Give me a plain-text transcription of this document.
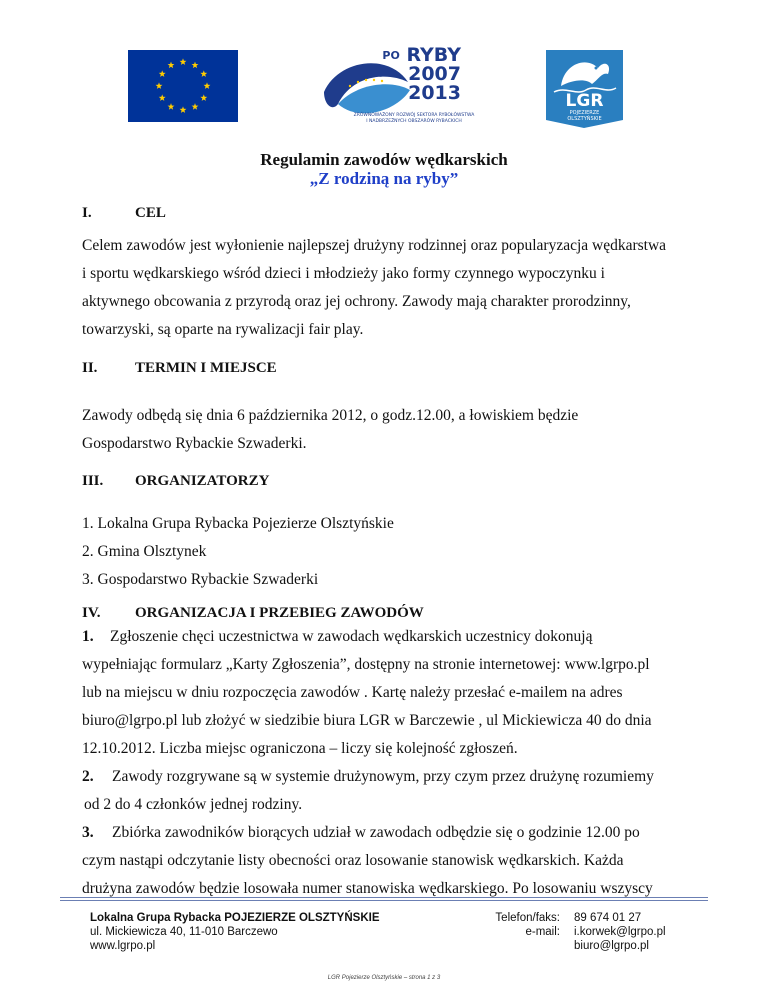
$^{PO}$ RYBY
2007
2013
ZRÓWNOWAŻONY ROZWÓJ SEKTORA RYBOŁÓWSTWA
I NADBRZEŻNYCH OBSZARÓW RYBACKICH
LGR
POJEZIERZE
OLSZTYŃSKIE
Regulamin zawodów wędkarskich
„Z rodziną na ryby”
I.	CEL
Celem zawodów jest wyłonienie najlepszej drużyny rodzinnej oraz popularyzacja wędkarstwa
i sportu wędkarskiego wśród dzieci i młodzieży jako formy czynnego wypoczynku i
aktywnego obcowania z przyrodą oraz jej ochrony. Zawody mają charakter prorodzinny,
towarzyski, są oparte na rywalizacji fair play.
II.	TERMIN I MIEJSCE
Zawody odbędą się dnia 6 października 2012, o godz.12.00, a łowiskiem będzie
Gospodarstwo Rybackie Szwaderki.
III. ORGANIZATORZY
1. Lokalna Grupa Rybacka Pojezierze Olsztyńskie
2. Gmina Olsztynek
3. Gospodarstwo Rybackie Szwaderki
IV. ORGANIZACJA I PRZEBIEG ZAWODÓW
1. Zgłoszenie chęci uczestnictwa w zawodach wędkarskich uczestnicy dokonują
wypełniając formularz „Karty Zgłoszenia”, dostępny na stronie internetowej: www.lgrpo.pl
lub na miejscu w dniu rozpoczęcia zawodów . Kartę należy przesłać e-mailem na adres
biuro@lgrpo.pl lub złożyć w siedzibie biura LGR w Barczewie , ul Mickiewicza 40 do dnia
12.10.2012. Liczba miejsc ograniczona – liczy się kolejność zgłoszeń.
2. Zawody rozgrywane są w systemie drużynowym, przy czym przez drużynę rozumiemy
od 2 do 4 członków jednej rodziny.
3. Zbiórka zawodników biorących udział w zawodach odbędzie się o godzinie 12.00 po
czym nastąpi odczytanie listy obecności oraz losowanie stanowisk wędkarskich. Każda
drużyna zawodów będzie losowała numer stanowiska wędkarskiego. Po losowaniu wszyscy
Lokalna Grupa Rybacka POJEZIERZE OLSZTYŃSKIE
ul. Mickiewicza 40, 11-010 Barczewo
www.lgrpo.pl
Telefon/faks:
e-mail:
89 674 01 27
i.korwek@lgrpo.pl
biuro@lgrpo.pl
LGR Pojezierze Olsztyńskie – strona 1 z 3
